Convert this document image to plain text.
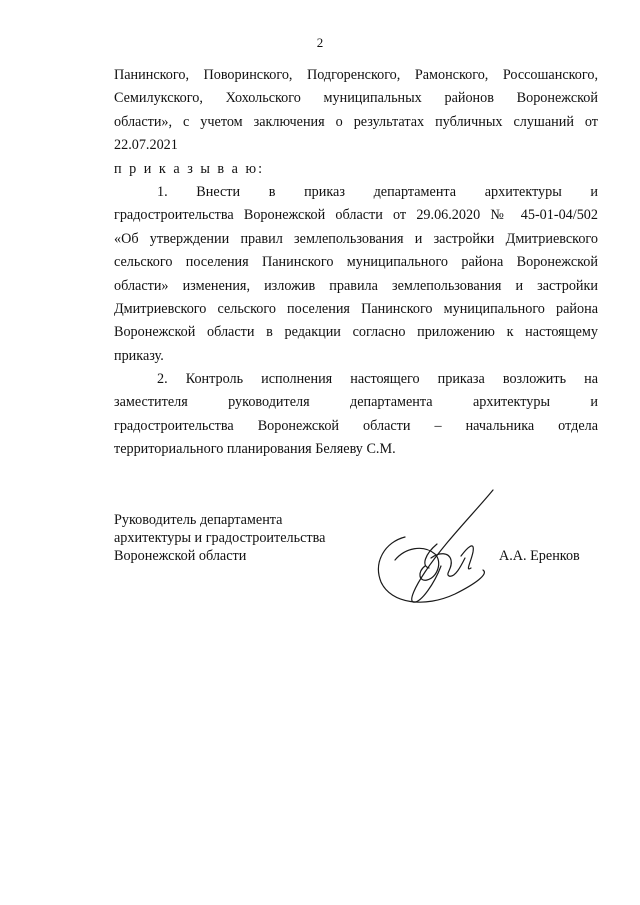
2
Панинского, Поворинского, Подгоренского, Рамонского, Россошанского,
Семилукского, Хохольского муниципальных районов Воронежской
области», с учетом заключения о результатах публичных слушаний от
22.07.2021
п р и к а з ы в а ю:
1. Внести в приказ департамента архитектуры и
градостроительства Воронежской области от 29.06.2020 № 45-01-04/502
«Об утверждении правил землепользования и застройки Дмитриевского
сельского поселения Панинского муниципального района Воронежской
области» изменения, изложив правила землепользования и застройки
Дмитриевского сельского поселения Панинского муниципального района
Воронежской области в редакции согласно приложению к настоящему
приказу.
2. Контроль исполнения настоящего приказа возложить на
заместителя руководителя департамента архитектуры и
градостроительства Воронежской области – начальника отдела
территориального планирования Беляеву С.М.
Руководитель департамента
архитектуры и градостроительства
Воронежской области	А.А. Еренков
